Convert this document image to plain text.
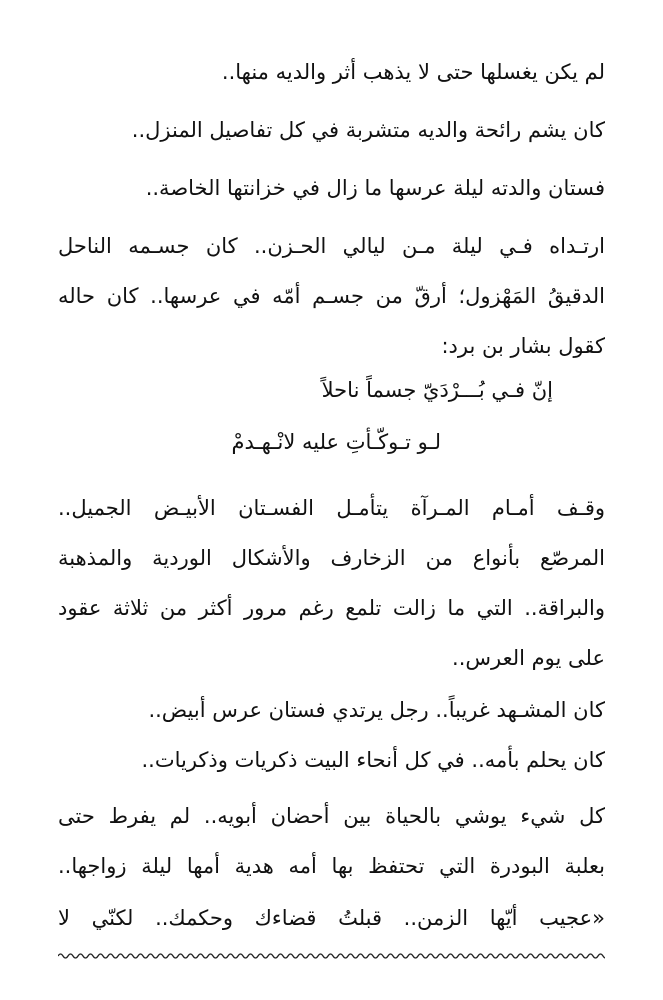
لم يكن يغسلها حتى لا يذهب أثر والديه منها..
كان يشم رائحة والديه متشربة في كل تفاصيل المنزل..
فستان والدته ليلة عرسها ما زال في خزانتها الخاصة..
ارتـداه فـي ليلة مـن ليالي الحـزن.. كان جسـمه الناحل
الدقيقُ المَهْزول؛ أرقّ من جسـم أمّه في عرسها.. كان حاله
كقول بشار بن برد:
إنّ فـي بُـــرْدَيّ جسماً ناحلاً
لـو تـوكّـأتِ عليه لانْـهـدمْ
وقـف أمـام المـرآة يتأمـل الفسـتان الأبيـض الجميل..
المرصّع بأنواع من الزخارف والأشكال الوردية والمذهبة
والبراقة.. التي ما زالت تلمع رغم مرور أكثر من ثلاثة عقود
على يوم العرس..
كان المشـهد غريباً.. رجل يرتدي فستان عرس أبيض..
كان يحلم بأمه.. في كل أنحاء البيت ذكريات وذكريات..
كل شيء يوشي بالحياة بين أحضان أبويه.. لم يفرط حتى
بعلبة البودرة التي تحتفظ بها أمه هدية أمها ليلة زواجها..
«عجيب أيّها الزمن.. قبلتُ قضاءك وحكمك.. لكنّي لا
